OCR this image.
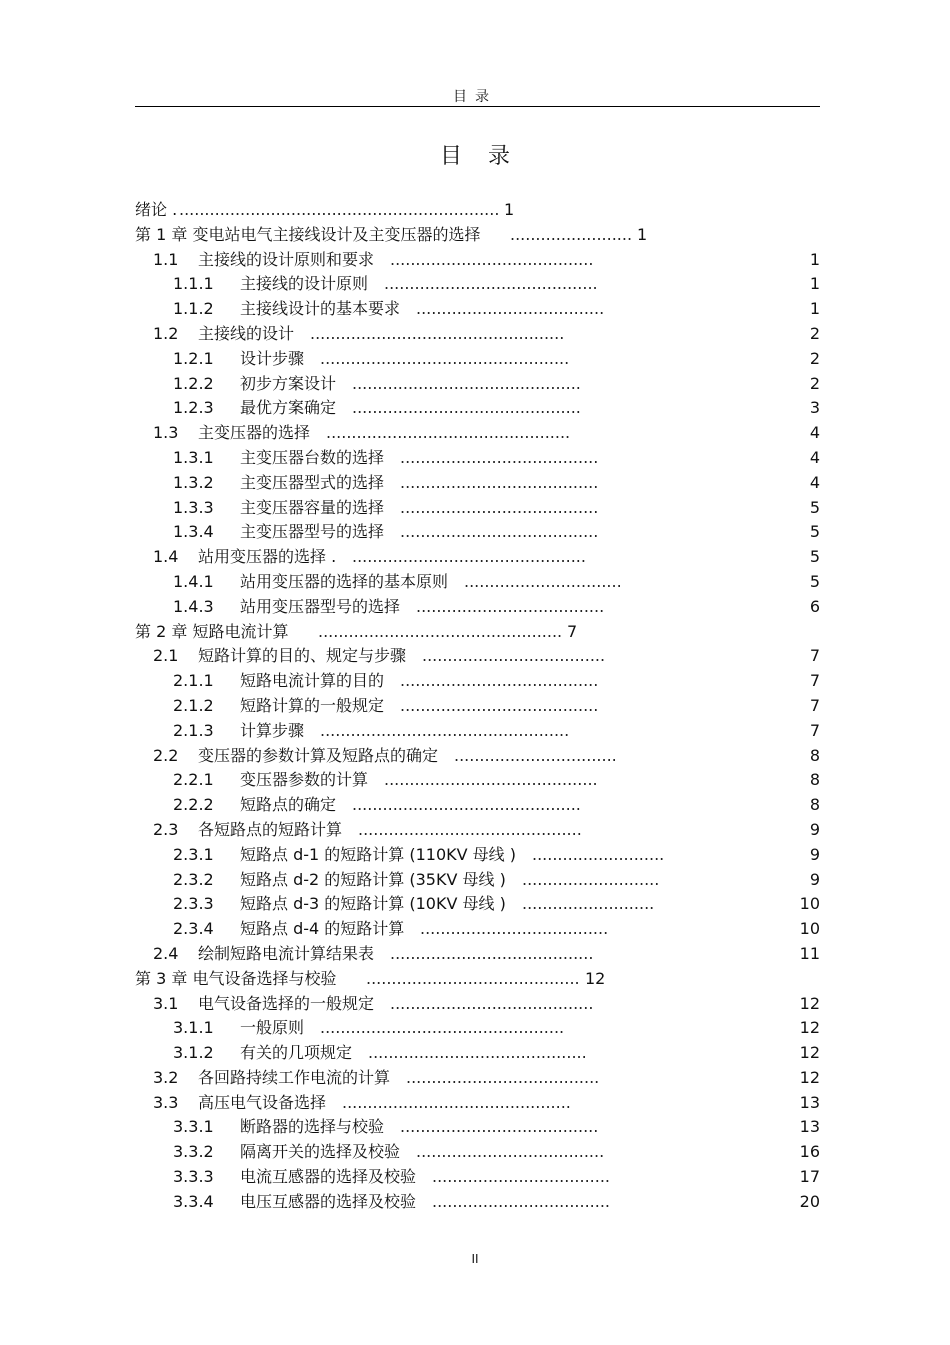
目录
目录
绪论 . ............................................................... 1
第 1 章 变电站电气主接线设计及主变压器的选择 ........................ 1
1.1 主接线的设计原则和要求 ........................................	1
1.1.1 主接线的设计原则 ..........................................	1
1.1.2 主接线设计的基本要求 .....................................	1
1.2 主接线的设计 ..................................................	2
1.2.1 设计步骤 .................................................	2
1.2.2 初步方案设计 .............................................	2
1.2.3 最优方案确定 .............................................	3
1.3 主变压器的选择 ................................................	4
1.3.1 主变压器台数的选择 .......................................	4
1.3.2 主变压器型式的选择 .......................................	4
1.3.3 主变压器容量的选择 .......................................	5
1.3.4 主变压器型号的选择 .......................................	5
1.4 站用变压器的选择 . ..............................................	5
1.4.1 站用变压器的选择的基本原则 ...............................	5
1.4.3 站用变压器型号的选择 .....................................	6
第 2 章 短路电流计算 ................................................ 7
2.1 短路计算的目的、规定与步骤 ....................................	7
2.1.1 短路电流计算的目的 .......................................	7
2.1.2 短路计算的一般规定 .......................................	7
2.1.3 计算步骤 .................................................	7
2.2 变压器的参数计算及短路点的确定 ................................	8
2.2.1 变压器参数的计算 ..........................................	8
2.2.2 短路点的确定 .............................................	8
2.3 各短路点的短路计算 ............................................	9
2.3.1 短路点 d-1 的短路计算 (110KV 母线 ) ..........................	9
2.3.2 短路点 d-2 的短路计算 (35KV 母线 ) ...........................	9
2.3.3 短路点 d-3 的短路计算 (10KV 母线 ) ..........................	10
2.3.4 短路点 d-4 的短路计算 .....................................	10
2.4 绘制短路电流计算结果表 ........................................	11
第 3 章 电气设备选择与校验 .......................................... 12
3.1 电气设备选择的一般规定 ........................................	12
3.1.1 一般原则 ................................................	12
3.1.2 有关的几项规定 ...........................................	12
3.2 各回路持续工作电流的计算 ......................................	12
3.3 高压电气设备选择 .............................................	13
3.3.1 断路器的选择与校验 .......................................	13
3.3.2 隔离开关的选择及校验 .....................................	16
3.3.3 电流互感器的选择及校验 ...................................	17
3.3.4 电压互感器的选择及校验 ...................................	20
II
